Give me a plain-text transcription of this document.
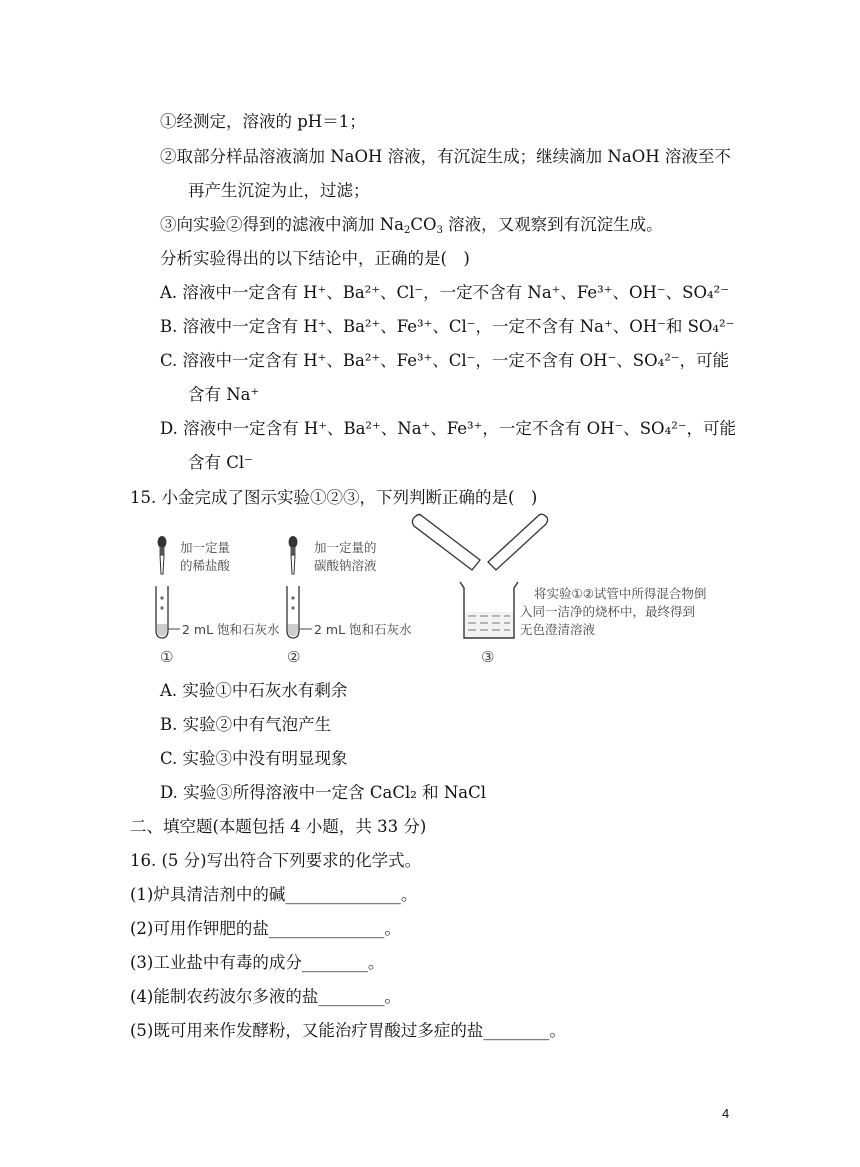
①经测定，溶液的 pH＝1；
②取部分样品溶液滴加 NaOH 溶液，有沉淀生成；继续滴加 NaOH 溶液至不
再产生沉淀为止，过滤；
③向实验②得到的滤液中滴加 $Na_2CO_3$ 溶液，又观察到有沉淀生成。
分析实验得出的以下结论中，正确的是(　)
A. 溶液中一定含有 H⁺、Ba²⁺、Cl⁻，一定不含有 Na⁺、Fe³⁺、OH⁻、SO₄²⁻
B. 溶液中一定含有 H⁺、Ba²⁺、Fe³⁺、Cl⁻，一定不含有 Na⁺、OH⁻和 SO₄²⁻
C. 溶液中一定含有 H⁺、Ba²⁺、Fe³⁺、Cl⁻，一定不含有 OH⁻、SO₄²⁻，可能
含有 Na⁺
D. 溶液中一定含有 H⁺、Ba²⁺、Na⁺、Fe³⁺，一定不含有 OH⁻、SO₄²⁻，可能
含有 Cl⁻
15. 小金完成了图示实验①②③，下列判断正确的是(　)
加一定量
的稀盐酸
2 mL 饱和石灰水
①
加一定量的
碳酸钠溶液
2 mL 饱和石灰水
②
将实验①②试管中所得混合物倒
入同一洁净的烧杯中，最终得到
无色澄清溶液
③
A. 实验①中石灰水有剩余
B. 实验②中有气泡产生
C. 实验③中没有明显现象
D. 实验③所得溶液中一定含 CaCl₂ 和 NaCl
二、填空题(本题包括 4 小题，共 33 分)
16. (5 分)写出符合下列要求的化学式。
(1)炉具清洁剂中的碱______________。
(2)可用作钾肥的盐______________。
(3)工业盐中有毒的成分________。
(4)能制农药波尔多液的盐________。
(5)既可用来作发酵粉，又能治疗胃酸过多症的盐________。
4
